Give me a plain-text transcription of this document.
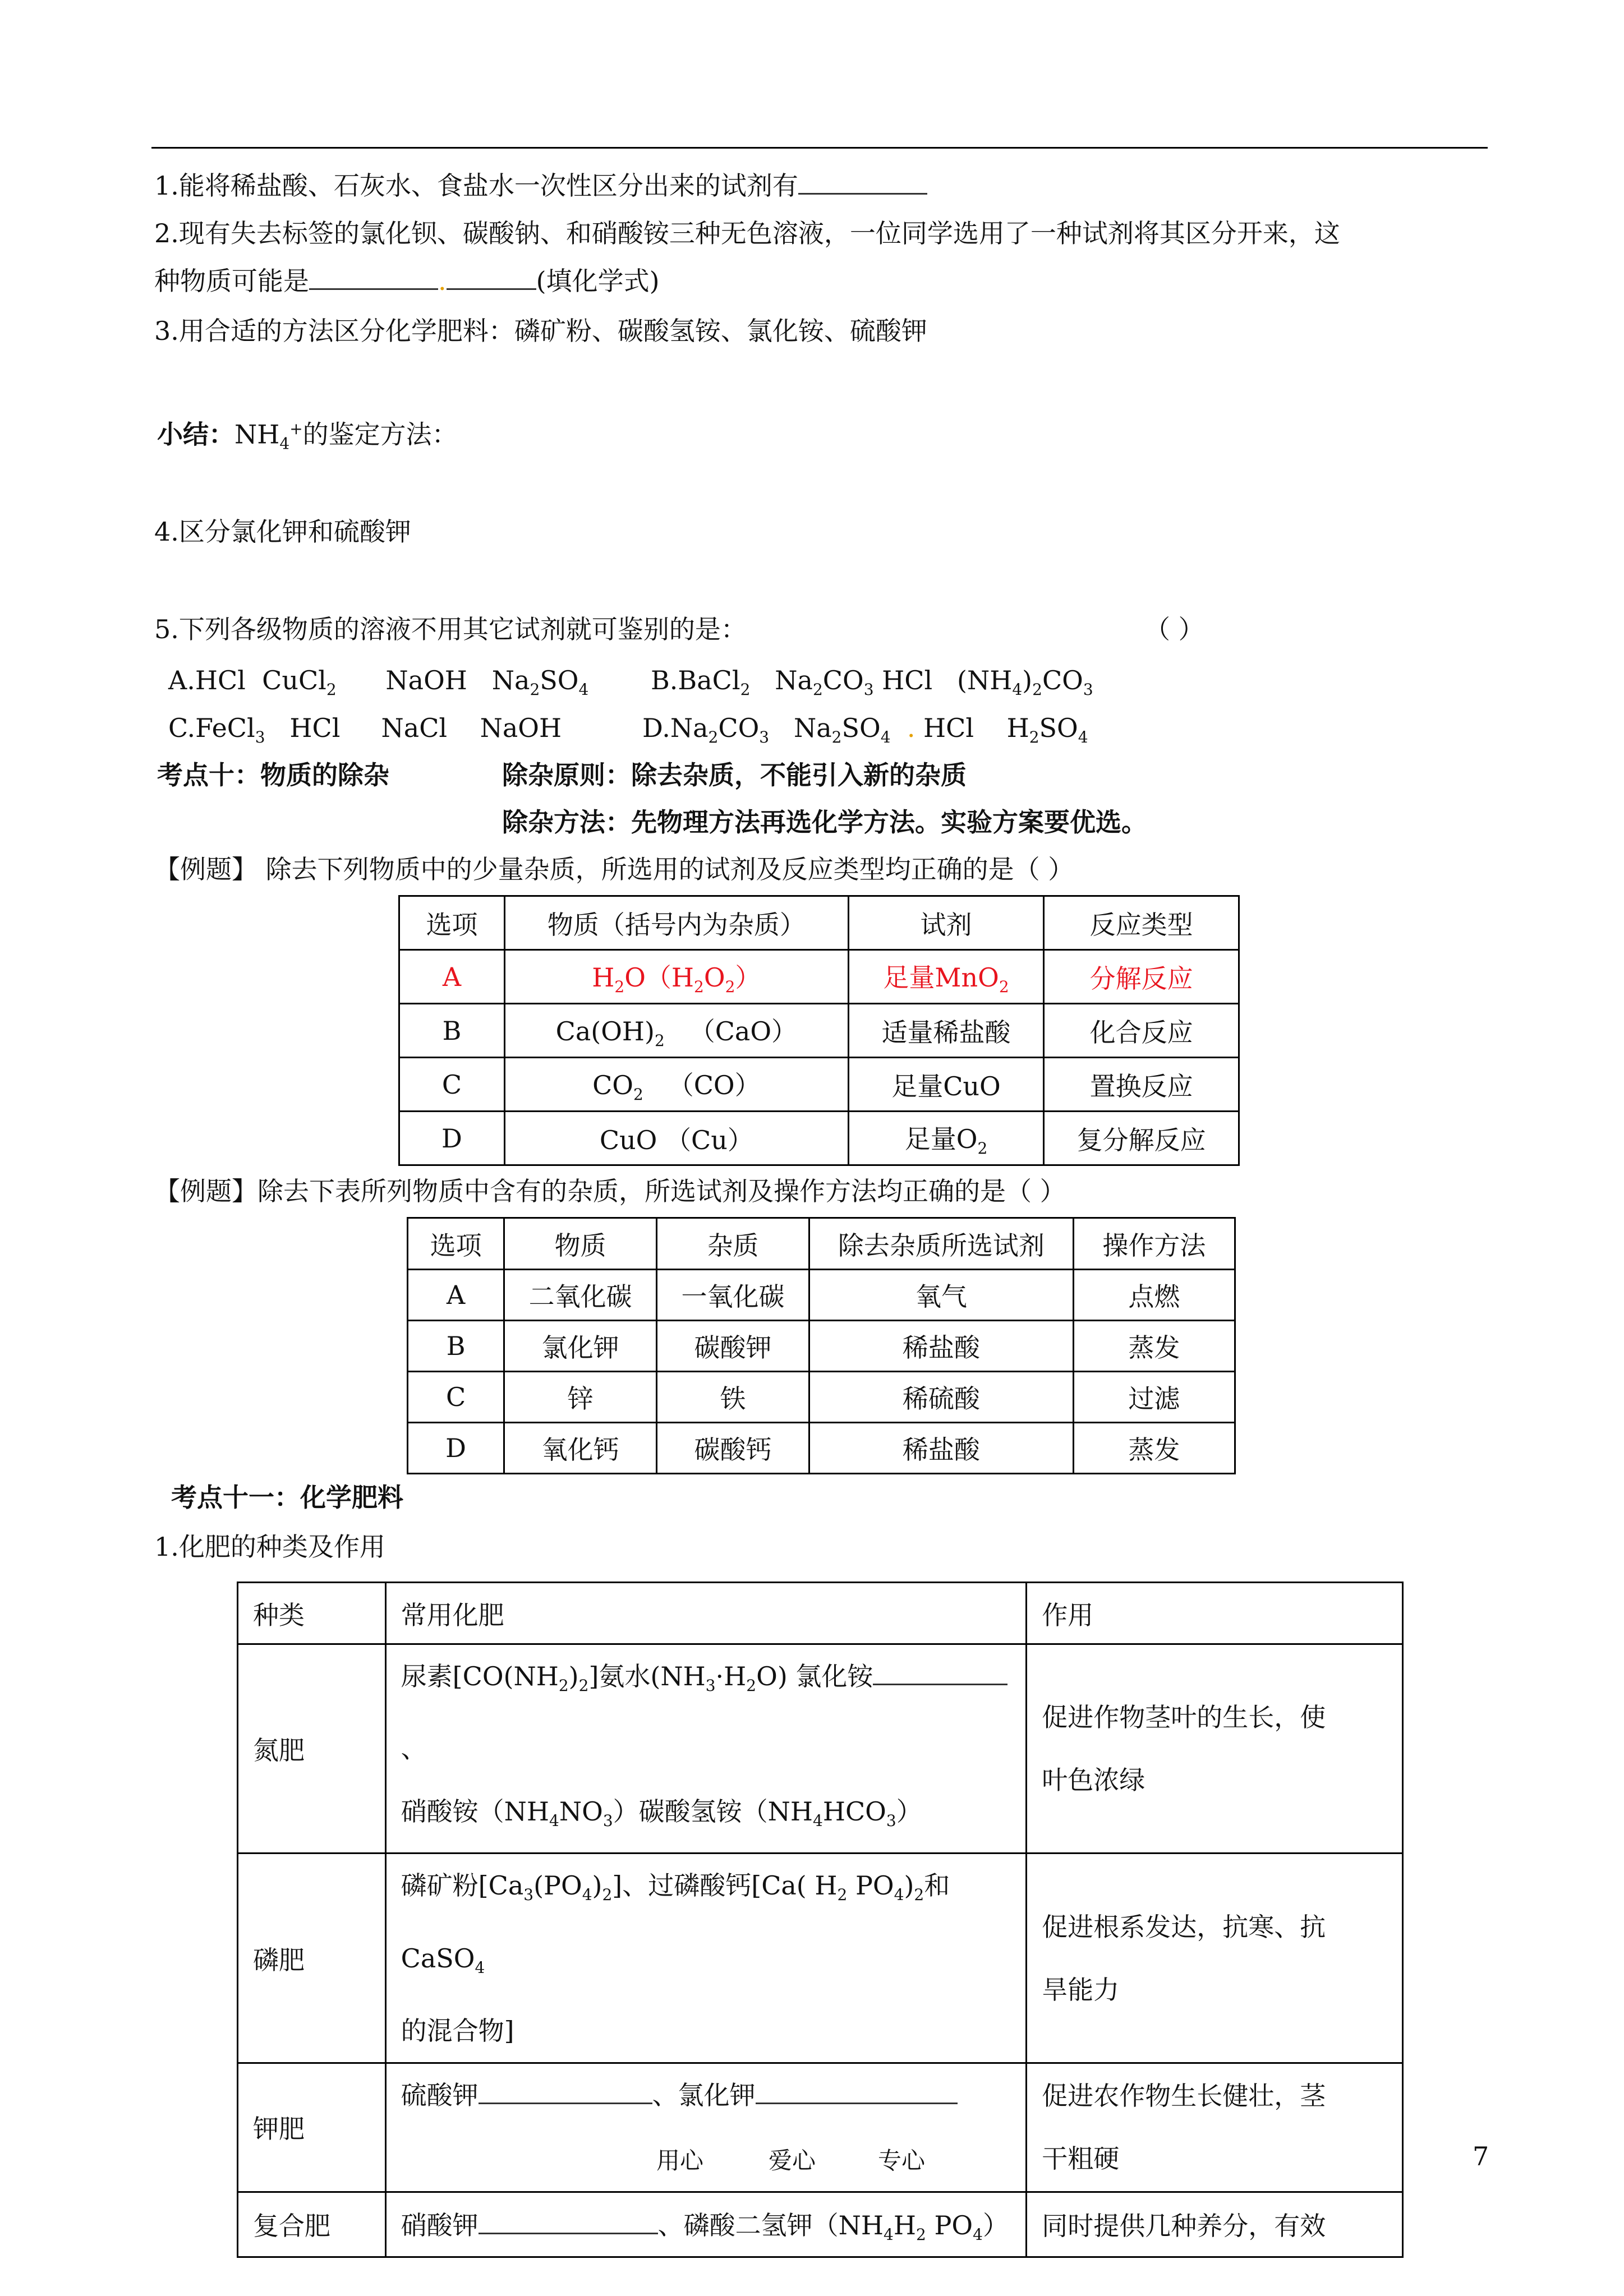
1.能将稀盐酸、石灰水、食盐水一次性区分出来的试剂有
2.现有失去标签的氯化钡、碳酸钠、和硝酸铵三种无色溶液，一位同学选用了一种试剂将其区分开来，这
种物质可能是	.	(填化学式)
3.用合适的方法区分化学肥料：磷矿粉、碳酸氢铵、氯化铵、硫酸钾
小结：$NH_4^+$的鉴定方法：
4.区分氯化钾和硫酸钾
5.下列各级物质的溶液不用其它试剂就可鉴别的是：	（ ）
A.HCl  CuCl$_2$      NaOH   $Na_2SO_4$ B.BaCl$_2$   $Na_2CO_3$ HCl   $(NH_4)_2CO_3$
C.FeCl$_3$   HCl     NaCl    NaOH	$D.Na_2CO_3$   $Na_2SO_4$ . HCl    $H_2SO_4$
考点十：物质的除杂	除杂原则：除去杂质，不能引入新的杂质
除杂方法：先物理方法再选化学方法。实验方案要优选。
【例题】 除去下列物质中的少量杂质，所选用的试剂及反应类型均正确的是（ ）
选项	物质（括号内为杂质）	试剂	反应类型
A	$H_2O(H_2O_2)$	足量MnO$_2$	分解反应
B	$Ca(OH)_2$   （CaO）	适量稀盐酸	化合反应
C	$CO_2$   （CO）	足量CuO	置换反应
D	CuO （Cu）	足量$O_2$	复分解反应
【例题】除去下表所列物质中含有的杂质，所选试剂及操作方法均正确的是（ ）
选项	物质	杂质	除去杂质所选试剂	操作方法
A	二氧化碳	一氧化碳	氧气	点燃
B	氯化钾	碳酸钾	稀盐酸	蒸发
C	锌	铁	稀硫酸	过滤
D	氧化钙	碳酸钙	稀盐酸	蒸发
考点十一：化学肥料
1.化肥的种类及作用
种类	常用化肥	作用
氮肥	尿素$[CO(NH_2)_2]$氨水$(NH_3\cdot H_2O)$ 氯化铵、
硝酸铵$(NH_4NO_3)$碳酸氢铵$(NH_4HCO_3)$	促进作物茎叶的生长，使
叶色浓绿
磷肥	磷矿粉$[Ca_3(PO_4)_2]$、过磷酸钙[Ca( $H_2$ $PO_4)_2$和CaSO$_4$
的混合物]	促进根系发达，抗寒、抗
旱能力
钾肥	硫酸钾 、氯化钾	促进农作物生长健壮，茎
干粗硬
复合肥	硝酸钾 、磷酸二氢钾（$NH_4H_2$ $PO_4$）	同时提供几种养分，有效
用心	爱心	专心	7
